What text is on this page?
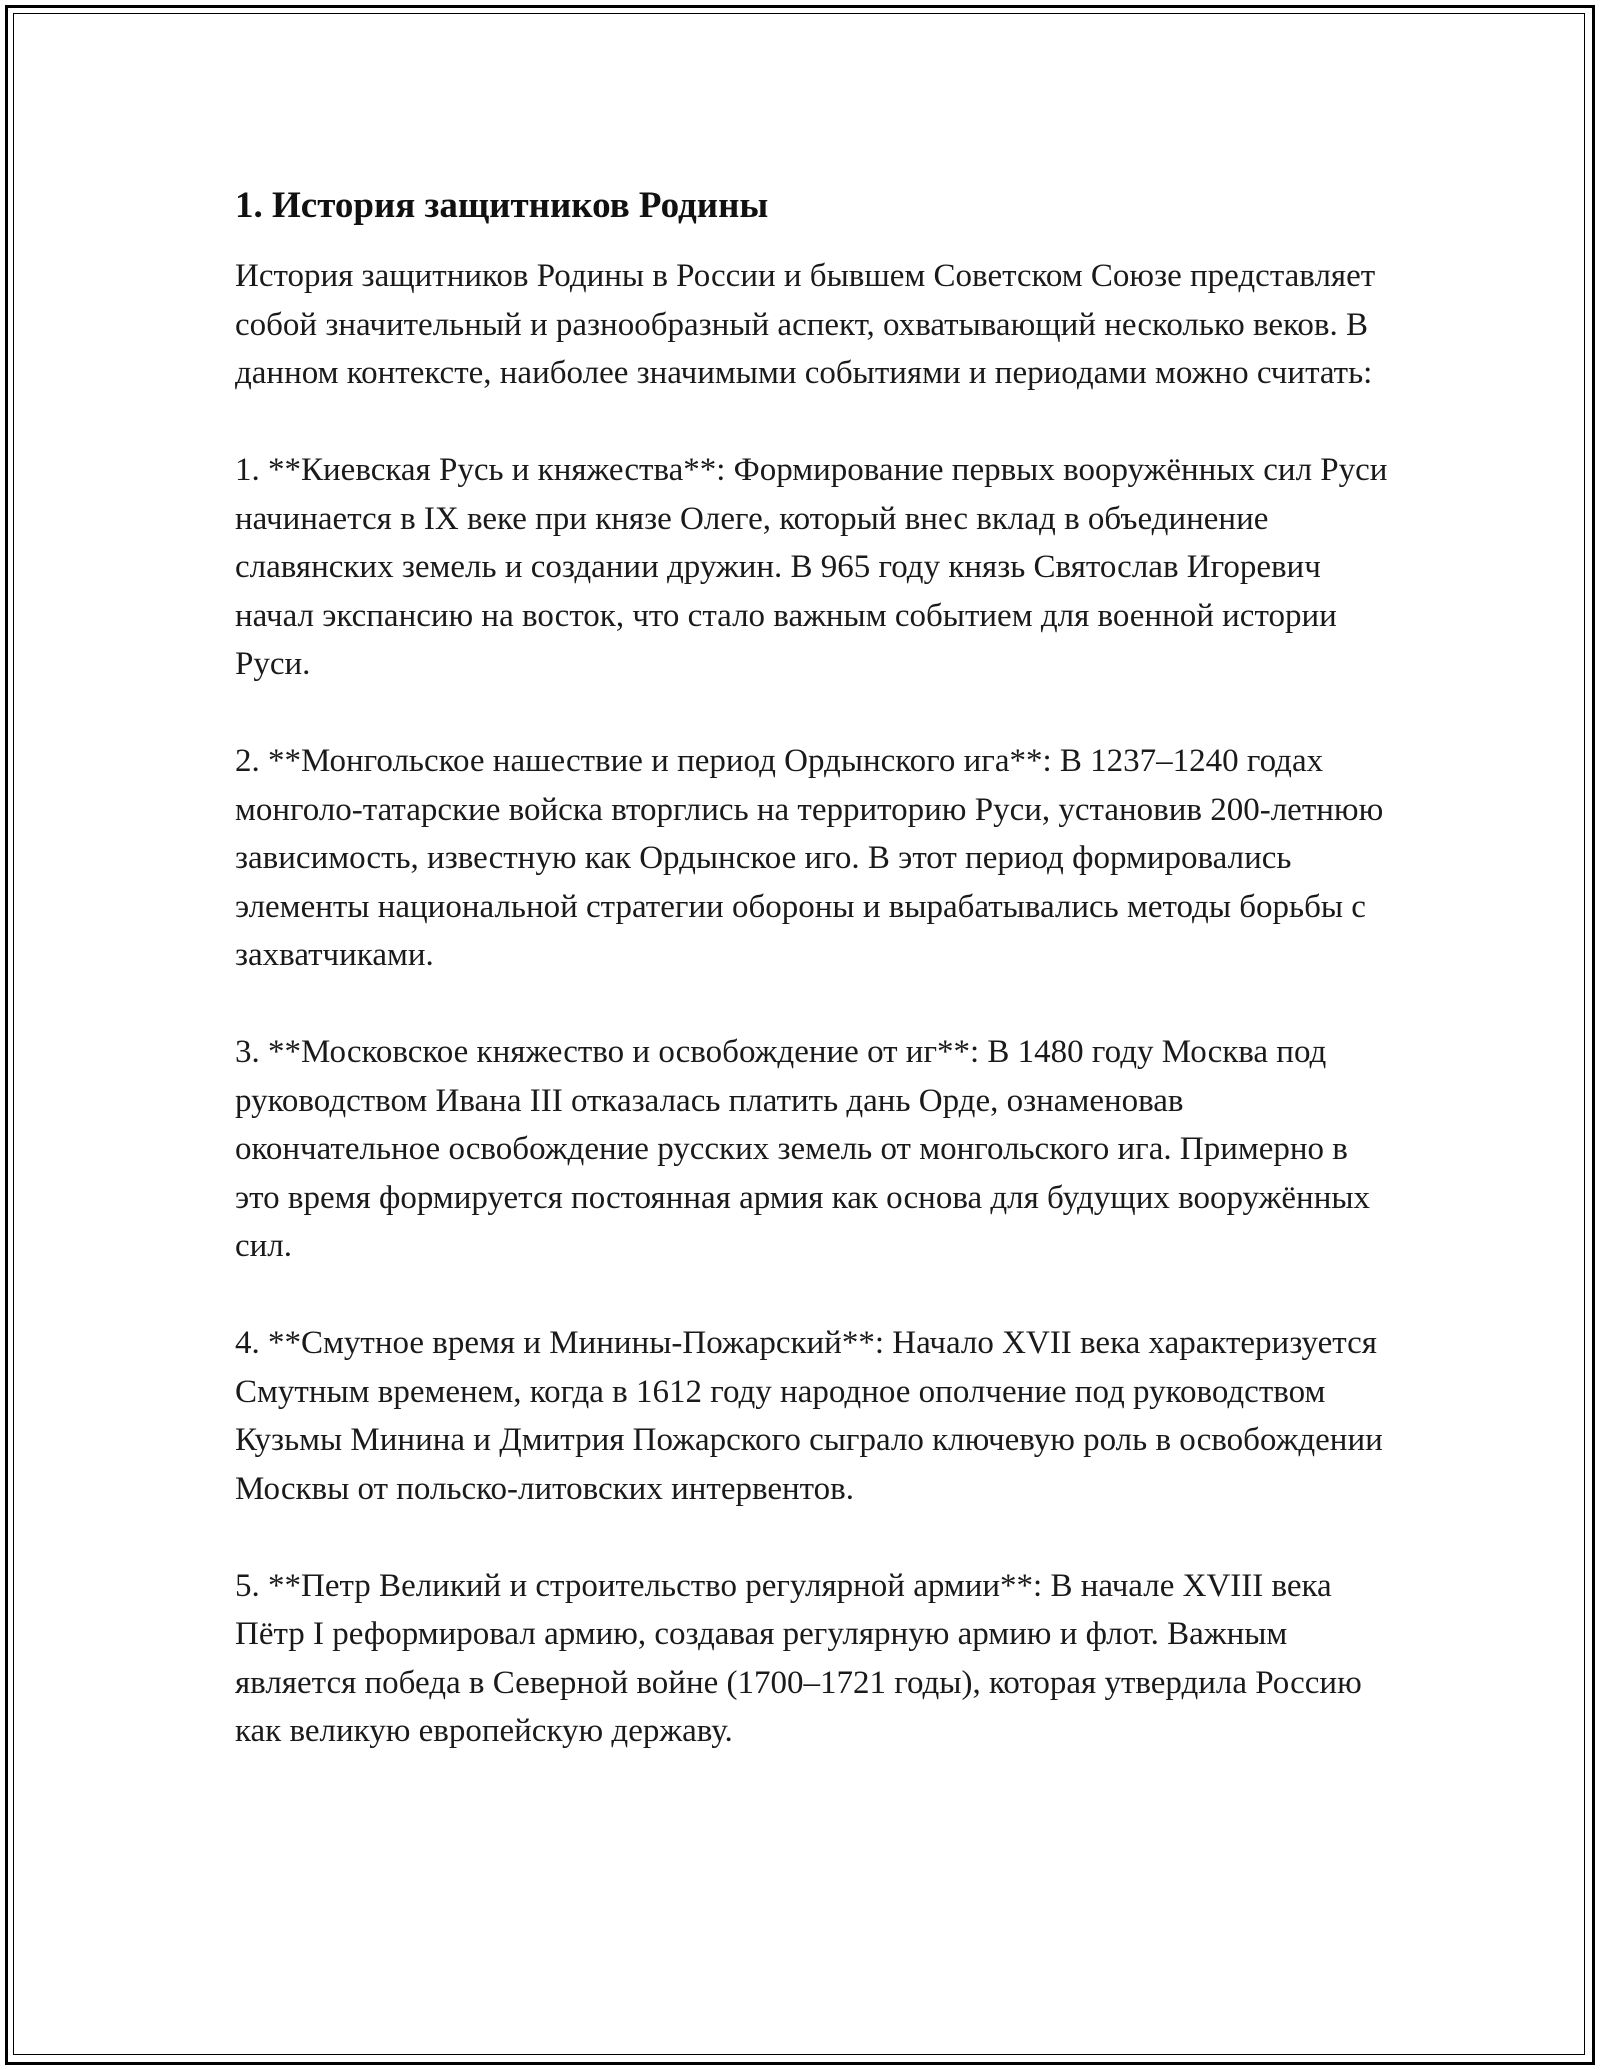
1. История защитников Родины

История защитников Родины в России и бывшем Советском Союзе представляет собой значительный и разнообразный аспект, охватывающий несколько веков. В данном контексте, наиболее значимыми событиями и периодами можно считать:

1. **Киевская Русь и княжества**: Формирование первых вооружённых сил Руси начинается в IX веке при князе Олеге, который внес вклад в объединение славянских земель и создании дружин. В 965 году князь Святослав Игоревич начал экспансию на восток, что стало важным событием для военной истории Руси.

2. **Монгольское нашествие и период Ордынского ига**: В 1237–1240 годах монголо-татарские войска вторглись на территорию Руси, установив 200-летнюю зависимость, известную как Ордынское иго. В этот период формировались элементы национальной стратегии обороны и вырабатывались методы борьбы с захватчиками.

3. **Московское княжество и освобождение от иг**: В 1480 году Москва под руководством Ивана III отказалась платить дань Орде, ознаменовав окончательное освобождение русских земель от монгольского ига. Примерно в это время формируется постоянная армия как основа для будущих вооружённых сил.

4. **Смутное время и Минины-Пожарский**: Начало XVII века характеризуется Смутным временем, когда в 1612 году народное ополчение под руководством Кузьмы Минина и Дмитрия Пожарского сыграло ключевую роль в освобождении Москвы от польско-литовских интервентов.

5. **Петр Великий и строительство регулярной армии**: В начале XVIII века Пётр I реформировал армию, создавая регулярную армию и флот. Важным является победа в Северной войне (1700–1721 годы), которая утвердила Россию как великую европейскую державу.
